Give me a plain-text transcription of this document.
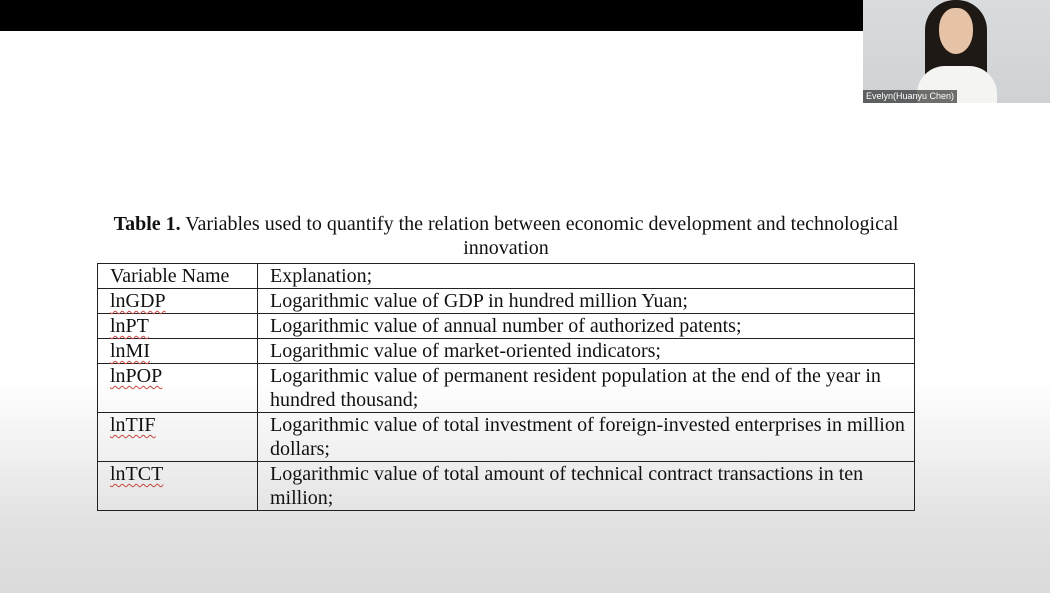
Evelyn(Huanyu Chen)
Table 1. Variables used to quantify the relation between economic development and technological innovation
Variable Name	Explanation;
lnGDP	Logarithmic value of GDP in hundred million Yuan;
lnPT	Logarithmic value of annual number of authorized patents;
lnMI	Logarithmic value of market-oriented indicators;
lnPOP	Logarithmic value of permanent resident population at the end of the year in hundred thousand;
lnTIF	Logarithmic value of total investment of foreign-invested enterprises in million dollars;
lnTCT	Logarithmic value of total amount of technical contract transactions in ten million;
